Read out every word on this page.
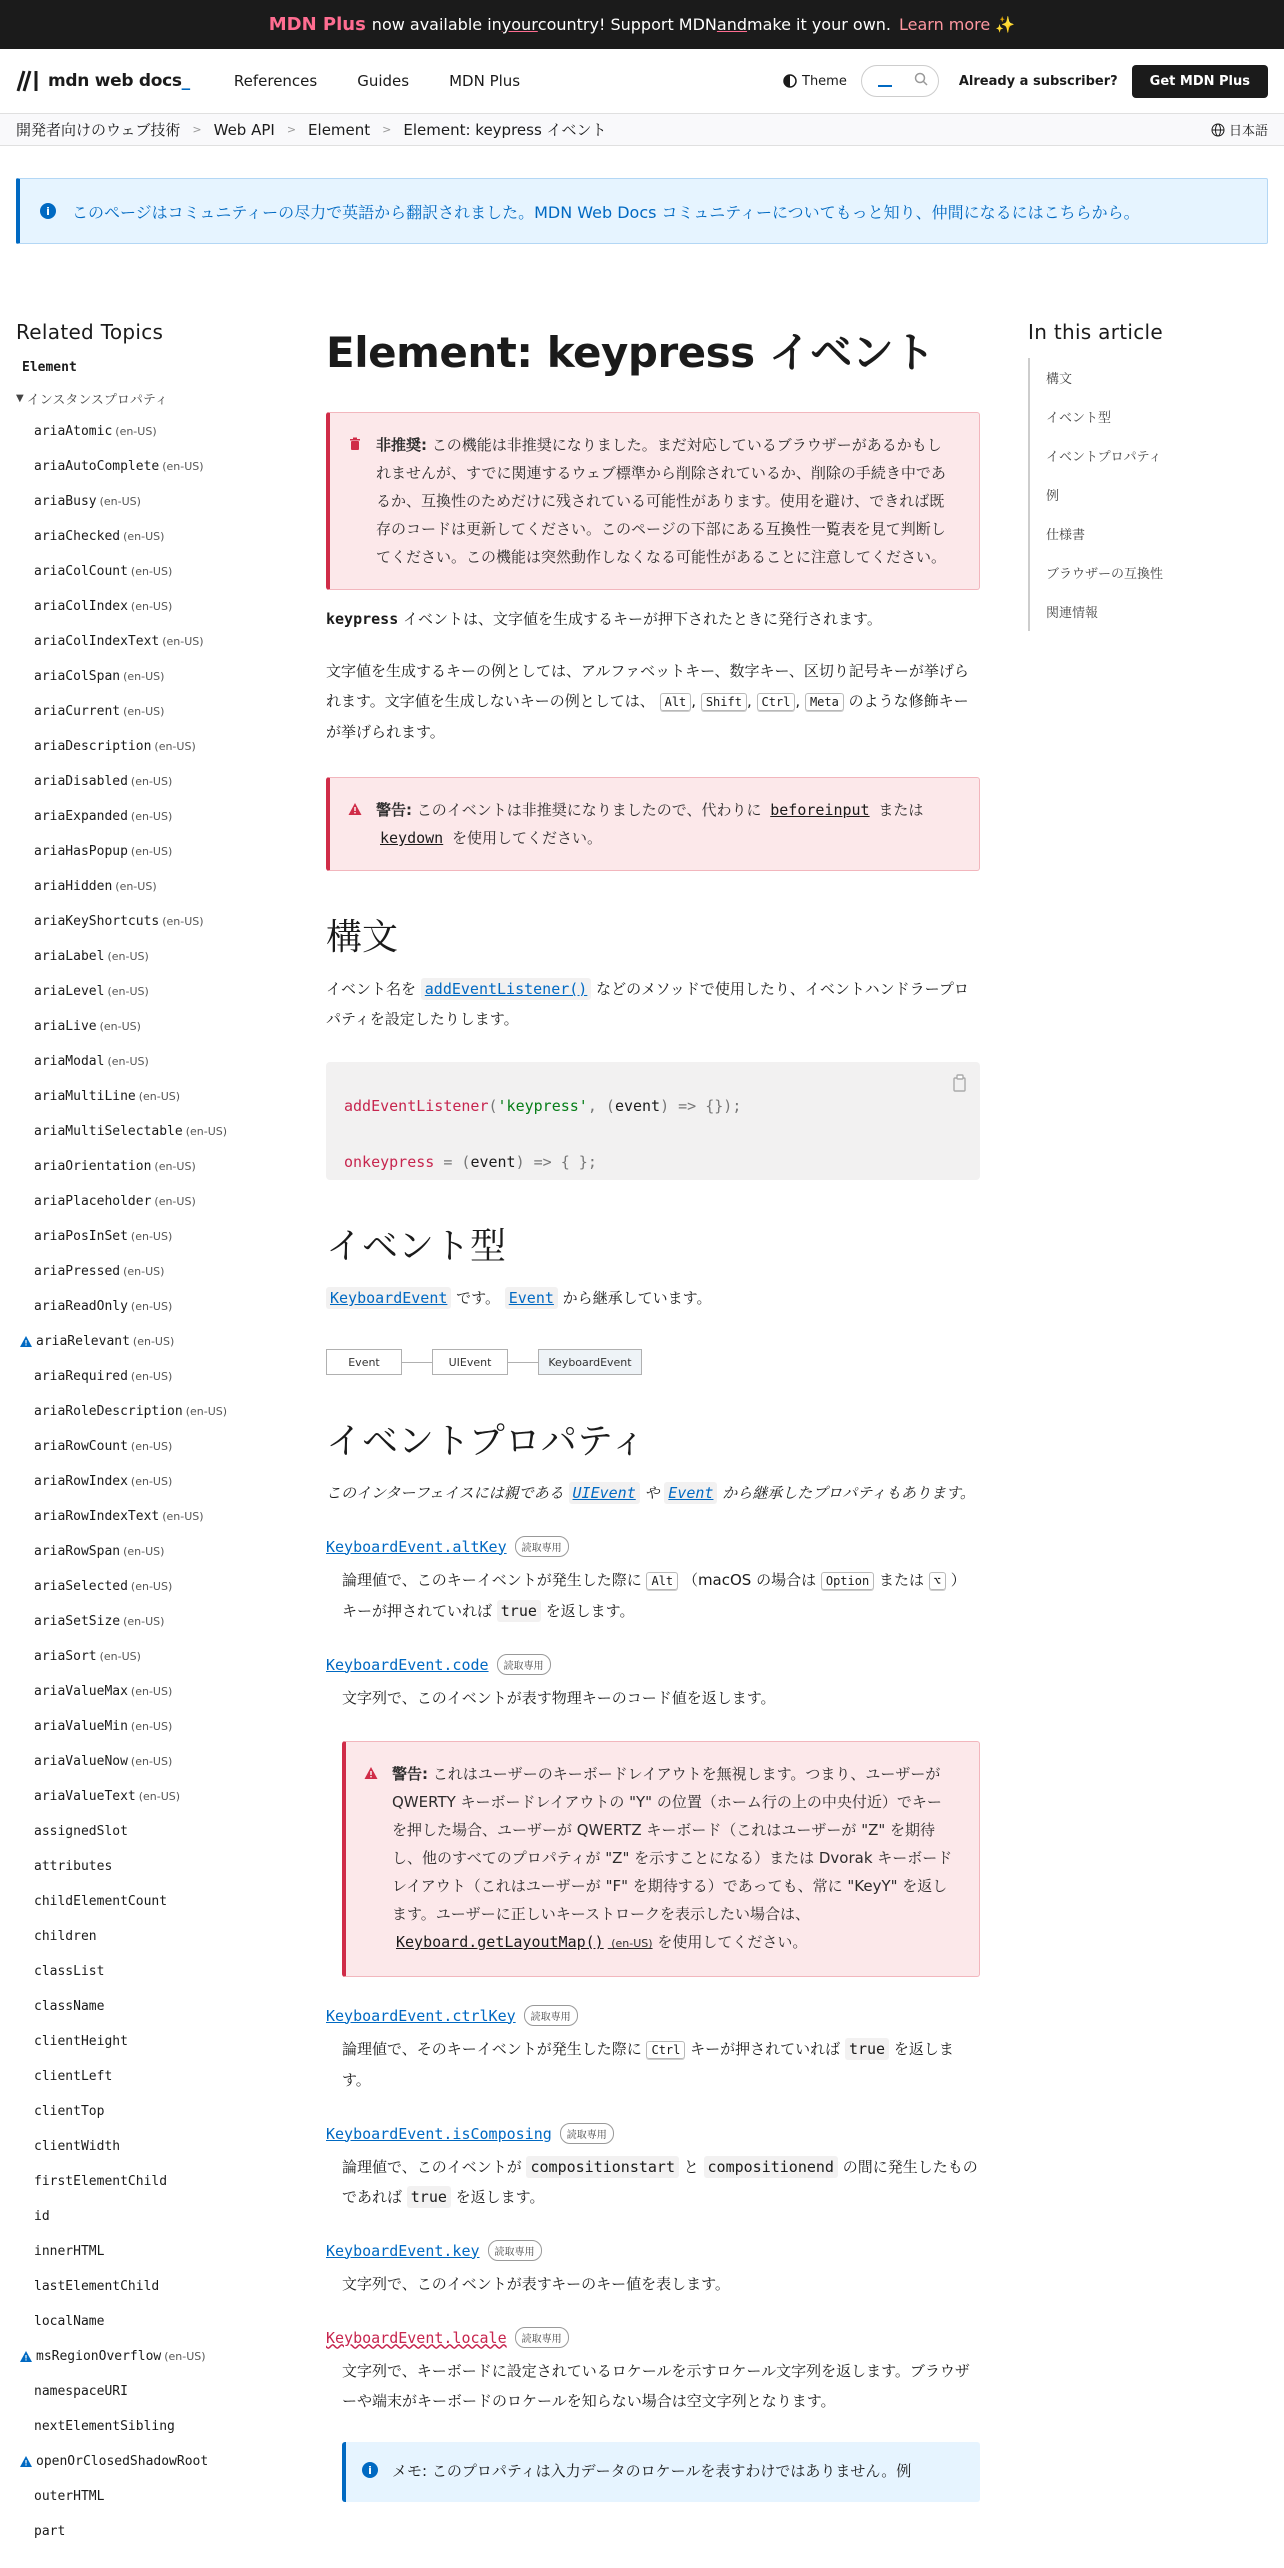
MDN Plus now available in your country! Support MDN and make it your own. Learn more ✨
mdn web docs _	References	Guides	MDN Plus	Theme	Already a subscriber?	Get MDN Plus
開発者向けのウェブ技術 > Web API > Element > Element: keypress イベント	日本語
i	このページはコミュニティーの尽力で英語から翻訳されました。MDN Web Docs コミュニティーについてもっと知り、仲間になるにはこちらから。
Related Topics
Element
▼ インスタンスプロパティ
ariaAtomic (en-US)
ariaAutoComplete (en-US)
ariaBusy (en-US)
ariaChecked (en-US)
ariaColCount (en-US)
ariaColIndex (en-US)
ariaColIndexText (en-US)
ariaColSpan (en-US)
ariaCurrent (en-US)
ariaDescription (en-US)
ariaDisabled (en-US)
ariaExpanded (en-US)
ariaHasPopup (en-US)
ariaHidden (en-US)
ariaKeyShortcuts (en-US)
ariaLabel (en-US)
ariaLevel (en-US)
ariaLive (en-US)
ariaModal (en-US)
ariaMultiLine (en-US)
ariaMultiSelectable (en-US)
ariaOrientation (en-US)
ariaPlaceholder (en-US)
ariaPosInSet (en-US)
ariaPressed (en-US)
ariaReadOnly (en-US)
ariaRelevant (en-US)
ariaRequired (en-US)
ariaRoleDescription (en-US)
ariaRowCount (en-US)
ariaRowIndex (en-US)
ariaRowIndexText (en-US)
ariaRowSpan (en-US)
ariaSelected (en-US)
ariaSetSize (en-US)
ariaSort (en-US)
ariaValueMax (en-US)
ariaValueMin (en-US)
ariaValueNow (en-US)
ariaValueText (en-US)
assignedSlot
attributes
childElementCount
children
classList
className
clientHeight
clientLeft
clientTop
clientWidth
firstElementChild
id
innerHTML
lastElementChild
localName
msRegionOverflow (en-US)
namespaceURI
nextElementSibling
openOrClosedShadowRoot
outerHTML
part
In this article
構文
イベント型
イベントプロパティ
例
仕様書
ブラウザーの互換性
関連情報
Element: keypress イベント
非推奨: この機能は非推奨になりました。まだ対応しているブラウザーがあるかもしれませんが、すでに関連するウェブ標準から削除されているか、削除の手続き中であるか、互換性のためだけに残されている可能性があります。使用を避け、できれば既存のコードは更新してください。このページの下部にある互換性一覧表を見て判断してください。この機能は突然動作しなくなる可能性があることに注意してください。

keypress イベントは、文字値を生成するキーが押下されたときに発行されます。

文字値を生成するキーの例としては、アルファベットキー、数字キー、区切り記号キーが挙げられます。文字値を生成しないキーの例としては、 Alt , Shift , Ctrl , Meta のような修飾キーが挙げられます。

警告: このイベントは非推奨になりましたので、代わりに beforeinput または keydown を使用してください。
構文

イベント名を addEventListener() などのメソッドで使用したり、イベントハンドラープロパティを設定したりします。

addEventListener('keypress', (event) => {});
onkeypress = (event) => { };
イベント型

KeyboardEvent です。 Event から継承しています。

Event	UIEvent	KeyboardEvent
イベントプロパティ

このインターフェイスには親である UIEvent や Event から継承したプロパティもあります。

KeyboardEvent.altKey	読取専用
論理値で、このキーイベントが発生した際に Alt （macOS の場合は Option または ⌥ ）キーが押されていれば true を返します。
KeyboardEvent.code	読取専用
文字列で、このイベントが表す物理キーのコード値を返します。
警告: これはユーザーのキーボードレイアウトを無視します。つまり、ユーザーが QWERTY キーボードレイアウトの "Y" の位置（ホーム行の上の中央付近）でキーを押した場合、ユーザーが QWERTZ キーボード（これはユーザーが "Z" を期待し、他のすべてのプロパティが "Z" を示すことになる）または Dvorak キーボードレイアウト（これはユーザーが "F" を期待する）であっても、常に "KeyY" を返します。ユーザーに正しいキーストロークを表示したい場合は、 Keyboard.getLayoutMap() (en-US) を使用してください。
KeyboardEvent.ctrlKey	読取専用
論理値で、そのキーイベントが発生した際に Ctrl キーが押されていれば true を返します。
KeyboardEvent.isComposing	読取専用
論理値で、このイベントが compositionstart と compositionend の間に発生したものであれば true を返します。
KeyboardEvent.key	読取専用
文字列で、このイベントが表すキーのキー値を表します。
KeyboardEvent.locale	読取専用
文字列で、キーボードに設定されているロケールを示すロケール文字列を返します。ブラウザーや端末がキーボードのロケールを知らない場合は空文字列となります。
i	メモ: このプロパティは入力データのロケールを表すわけではありません。例
